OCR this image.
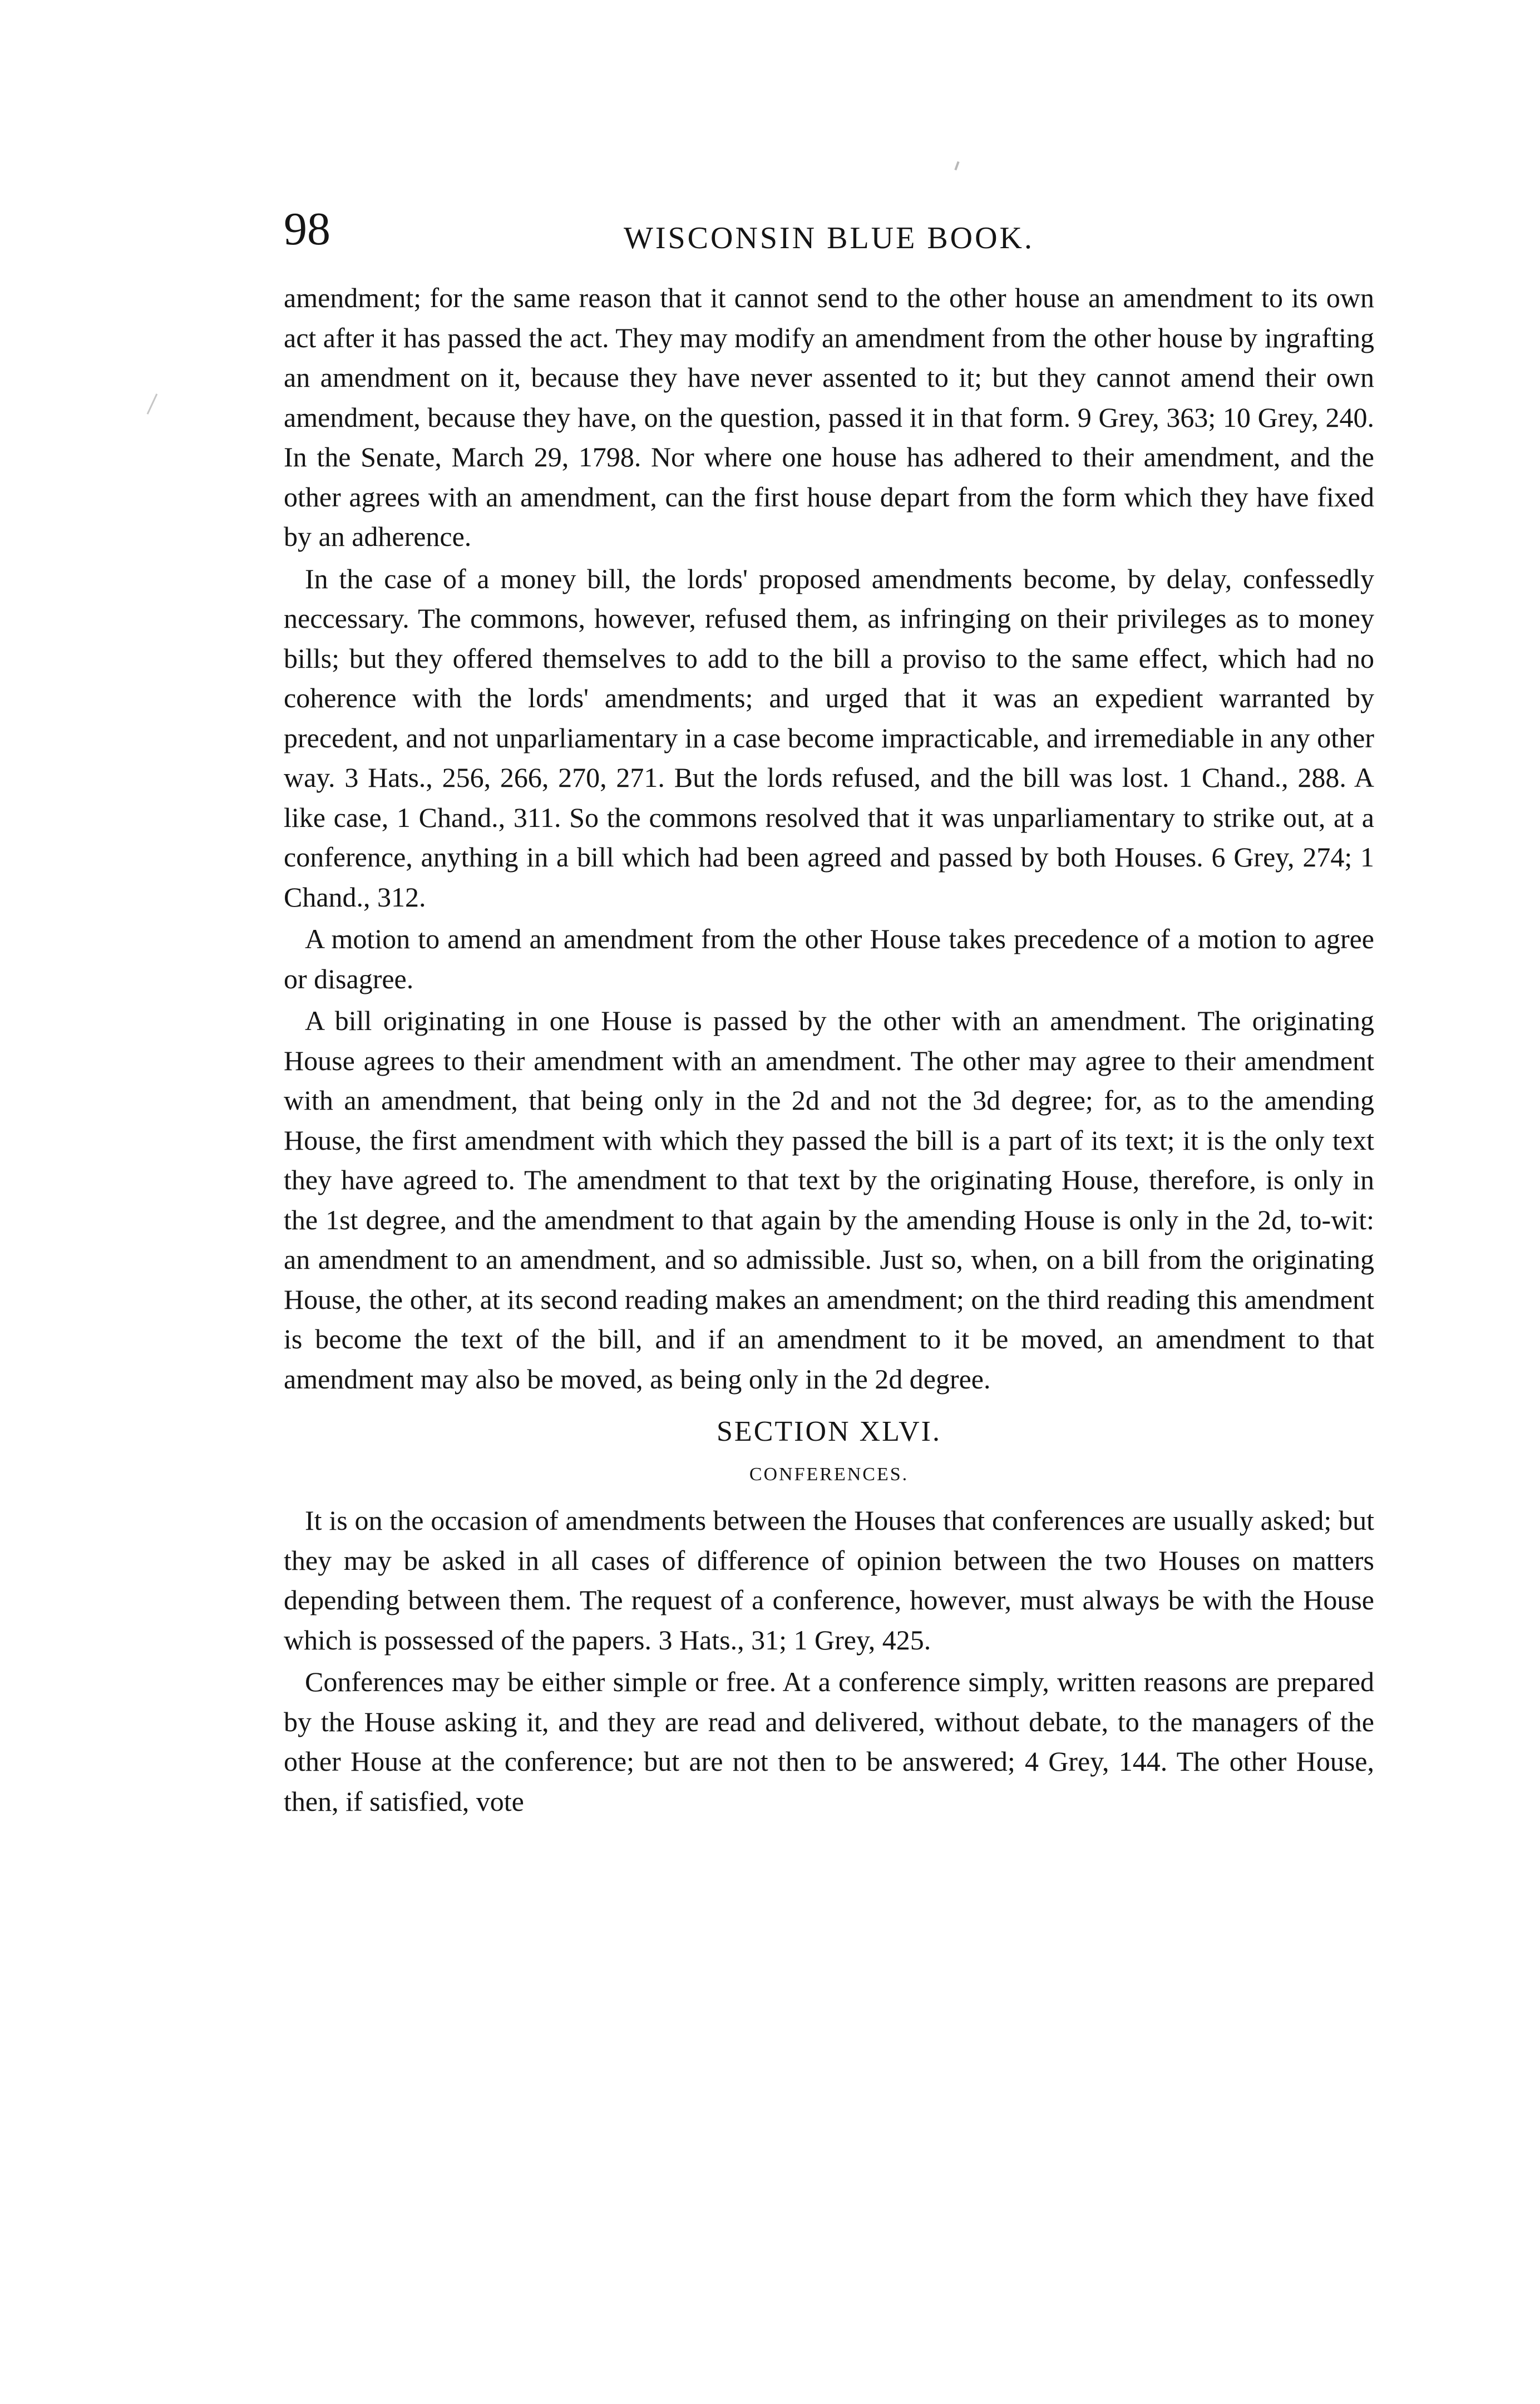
98	WISCONSIN BLUE BOOK.

amendment; for the same reason that it cannot send to the other house an amendment to its own act after it has passed the act. They may modify an amendment from the other house by ingrafting an amendment on it, because they have never assented to it; but they cannot amend their own amendment, because they have, on the question, passed it in that form. 9 Grey, 363; 10 Grey, 240. In the Senate, March 29, 1798. Nor where one house has adhered to their amendment, and the other agrees with an amendment, can the first house depart from the form which they have fixed by an adherence.

In the case of a money bill, the lords' proposed amendments become, by delay, confessedly neccessary. The commons, however, refused them, as infringing on their privileges as to money bills; but they offered themselves to add to the bill a proviso to the same effect, which had no coherence with the lords' amendments; and urged that it was an expedient warranted by precedent, and not unparliamentary in a case become impracticable, and irremediable in any other way. 3 Hats., 256, 266, 270, 271. But the lords refused, and the bill was lost. 1 Chand., 288. A like case, 1 Chand., 311. So the commons resolved that it was unparliamentary to strike out, at a conference, anything in a bill which had been agreed and passed by both Houses. 6 Grey, 274; 1 Chand., 312.

A motion to amend an amendment from the other House takes precedence of a motion to agree or disagree.

A bill originating in one House is passed by the other with an amendment. The originating House agrees to their amendment with an amendment. The other may agree to their amendment with an amendment, that being only in the 2d and not the 3d degree; for, as to the amending House, the first amendment with which they passed the bill is a part of its text; it is the only text they have agreed to. The amendment to that text by the originating House, therefore, is only in the 1st degree, and the amendment to that again by the amending House is only in the 2d, to-wit: an amendment to an amendment, and so admissible. Just so, when, on a bill from the originating House, the other, at its second reading makes an amendment; on the third reading this amendment is become the text of the bill, and if an amendment to it be moved, an amendment to that amendment may also be moved, as being only in the 2d degree.

SECTION XLVI.
CONFERENCES.

It is on the occasion of amendments between the Houses that conferences are usually asked; but they may be asked in all cases of difference of opinion between the two Houses on matters depending between them. The request of a conference, however, must always be with the House which is possessed of the papers. 3 Hats., 31; 1 Grey, 425.

Conferences may be either simple or free. At a conference simply, written reasons are prepared by the House asking it, and they are read and delivered, without debate, to the managers of the other House at the conference; but are not then to be answered; 4 Grey, 144. The other House, then, if satisfied, vote
